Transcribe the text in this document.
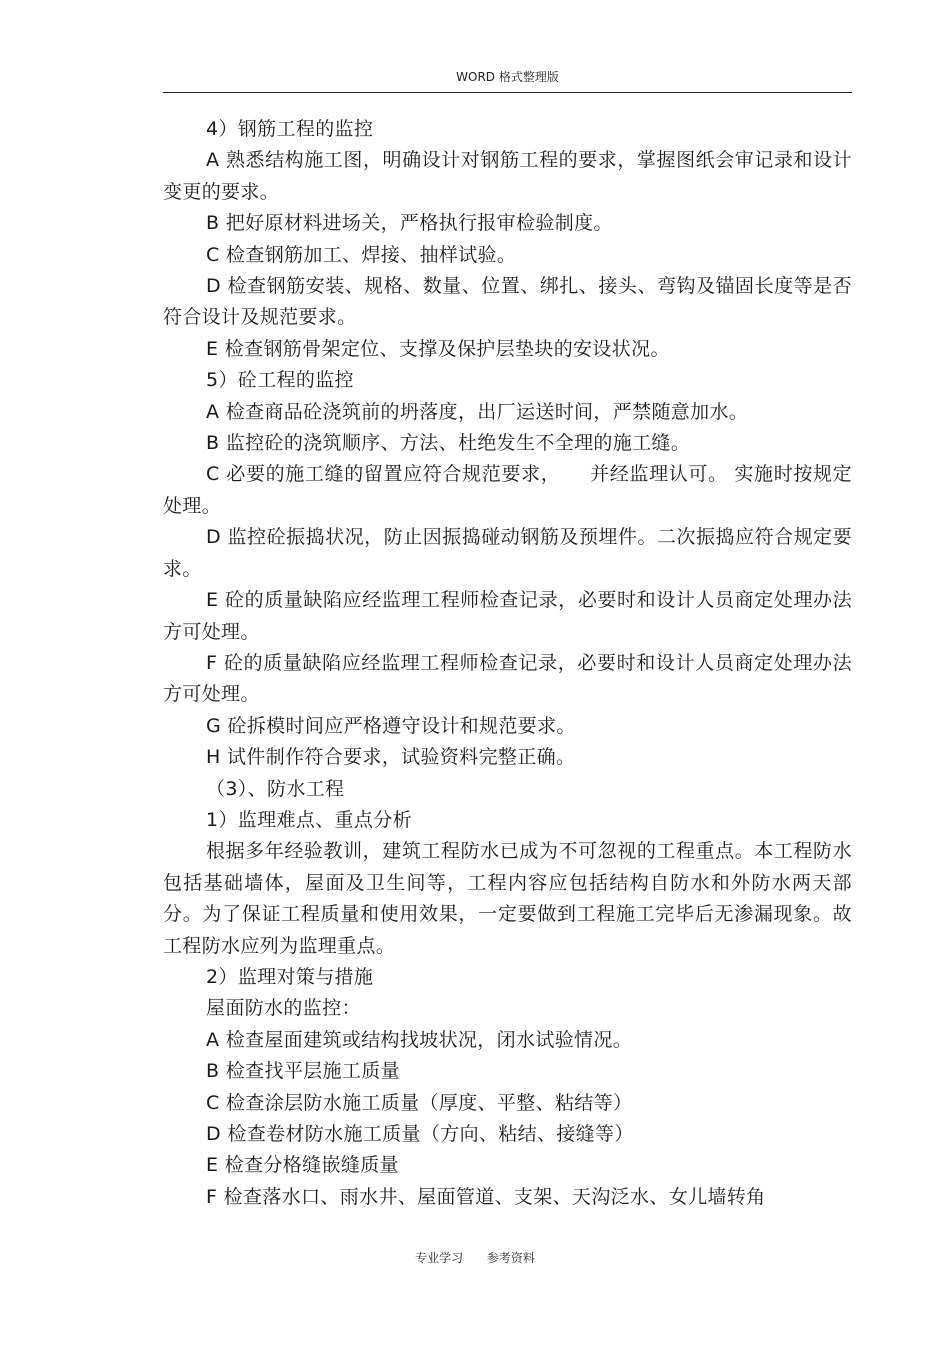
WORD 格式整理版

4）钢筋工程的监控

A 熟悉结构施工图，明确设计对钢筋工程的要求，掌握图纸会审记录和设计变更的要求。

B 把好原材料进场关，严格执行报审检验制度。

C 检查钢筋加工、焊接、抽样试验。

D 检查钢筋安装、规格、数量、位置、绑扎、接头、弯钩及锚固长度等是否符合设计及规范要求。

E 检查钢筋骨架定位、支撑及保护层垫块的安设状况。

5）砼工程的监控

A 检查商品砼浇筑前的坍落度，出厂运送时间，严禁随意加水。

B 监控砼的浇筑顺序、方法、杜绝发生不全理的施工缝。

C 必要的施工缝的留置应符合规范要求，　　并经监理认可。 实施时按规定处理。

D 监控砼振捣状况，防止因振捣碰动钢筋及预埋件。二次振捣应符合规定要求。

E 砼的质量缺陷应经监理工程师检查记录，必要时和设计人员商定处理办法方可处理。

F 砼的质量缺陷应经监理工程师检查记录，必要时和设计人员商定处理办法方可处理。

G 砼拆模时间应严格遵守设计和规范要求。

H 试件制作符合要求，试验资料完整正确。

（3）、防水工程

1）监理难点、重点分析

根据多年经验教训，建筑工程防水已成为不可忽视的工程重点。本工程防水包括基础墙体，屋面及卫生间等，工程内容应包括结构自防水和外防水两天部分。为了保证工程质量和使用效果，一定要做到工程施工完毕后无渗漏现象。故工程防水应列为监理重点。

2）监理对策与措施

屋面防水的监控：

A 检查屋面建筑或结构找坡状况，闭水试验情况。

B 检查找平层施工质量

C 检查涂层防水施工质量（厚度、平整、粘结等）

D 检查卷材防水施工质量（方向、粘结、接缝等）

E 检查分格缝嵌缝质量

F 检查落水口、雨水井、屋面管道、支架、天沟泛水、女儿墙转角

专业学习 参考资料
